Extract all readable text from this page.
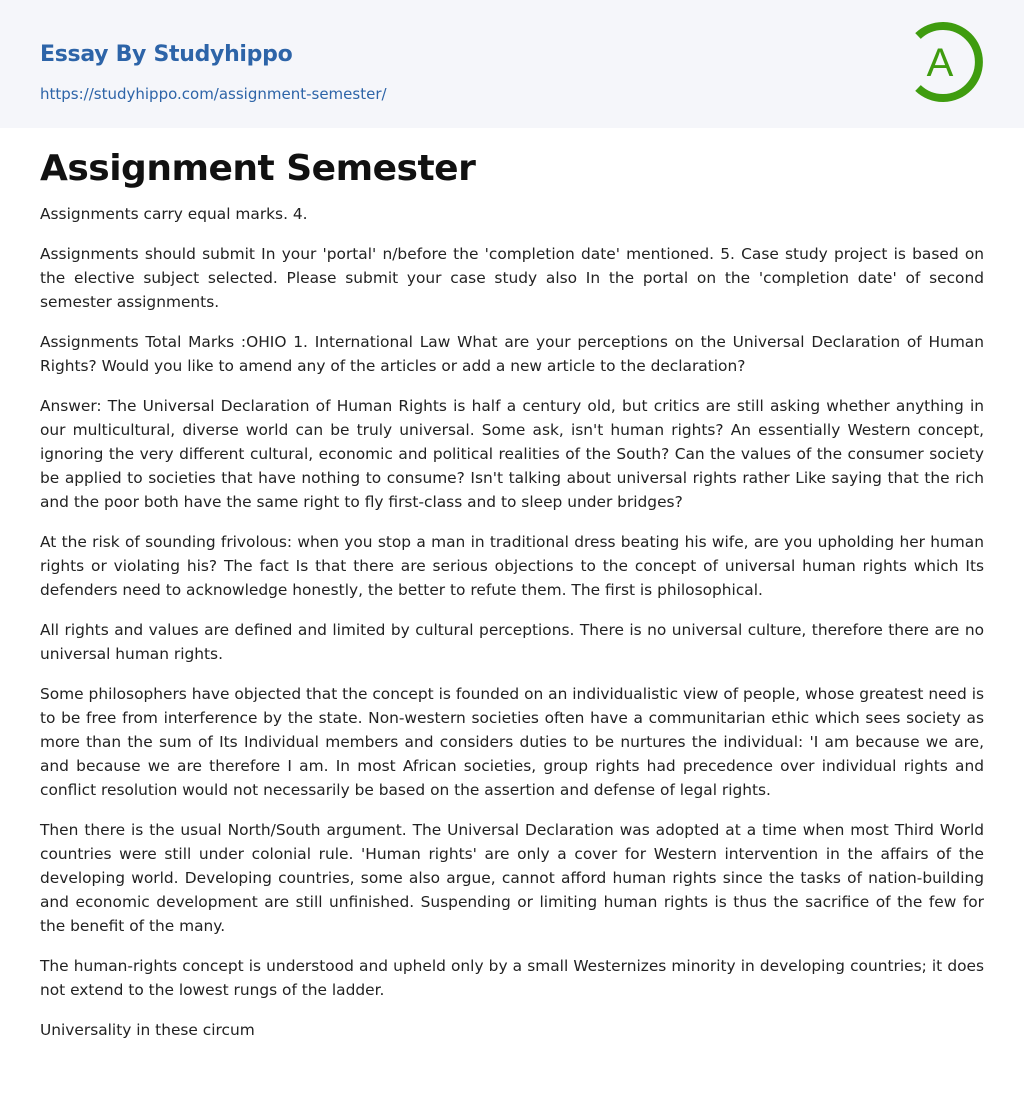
Essay By Studyhippo
https://studyhippo.com/assignment-semester/
A
Assignment Semester

Assignments carry equal marks. 4.

Assignments should submit In your 'portal' n/before the 'completion date' mentioned. 5. Case study project is based on the elective subject selected. Please submit your case study also In the portal on the 'completion date' of second semester assignments.

Assignments Total Marks :OHIO 1. International Law What are your perceptions on the Universal Declaration of Human Rights? Would you like to amend any of the articles or add a new article to the declaration?

Answer: The Universal Declaration of Human Rights is half a century old, but critics are still asking whether anything in our multicultural, diverse world can be truly universal. Some ask, isn't human rights? An essentially Western concept, ignoring the very different cultural, economic and political realities of the South? Can the values of the consumer society be applied to societies that have nothing to consume? Isn't talking about universal rights rather Like saying that the rich and the poor both have the same right to fly first-class and to sleep under bridges?

At the risk of sounding frivolous: when you stop a man in traditional dress beating his wife, are you upholding her human rights or violating his? The fact Is that there are serious objections to the concept of universal human rights which Its defenders need to acknowledge honestly, the better to refute them. The first is philosophical.

All rights and values are defined and limited by cultural perceptions. There is no universal culture, therefore there are no universal human rights.

Some philosophers have objected that the concept is founded on an individualistic view of people, whose greatest need is to be free from interference by the state. Non-western societies often have a communitarian ethic which sees society as more than the sum of Its Individual members and considers duties to be nurtures the individual: 'I am because we are, and because we are therefore I am. In most African societies, group rights had precedence over individual rights and conflict resolution would not necessarily be based on the assertion and defense of legal rights.

Then there is the usual North/South argument. The Universal Declaration was adopted at a time when most Third World countries were still under colonial rule. 'Human rights' are only a cover for Western intervention in the affairs of the developing world. Developing countries, some also argue, cannot afford human rights since the tasks of nation-building and economic development are still unfinished. Suspending or limiting human rights is thus the sacrifice of the few for the benefit of the many.

The human-rights concept is understood and upheld only by a small Westernizes minority in developing countries; it does not extend to the lowest rungs of the ladder.

Universality in these circum
